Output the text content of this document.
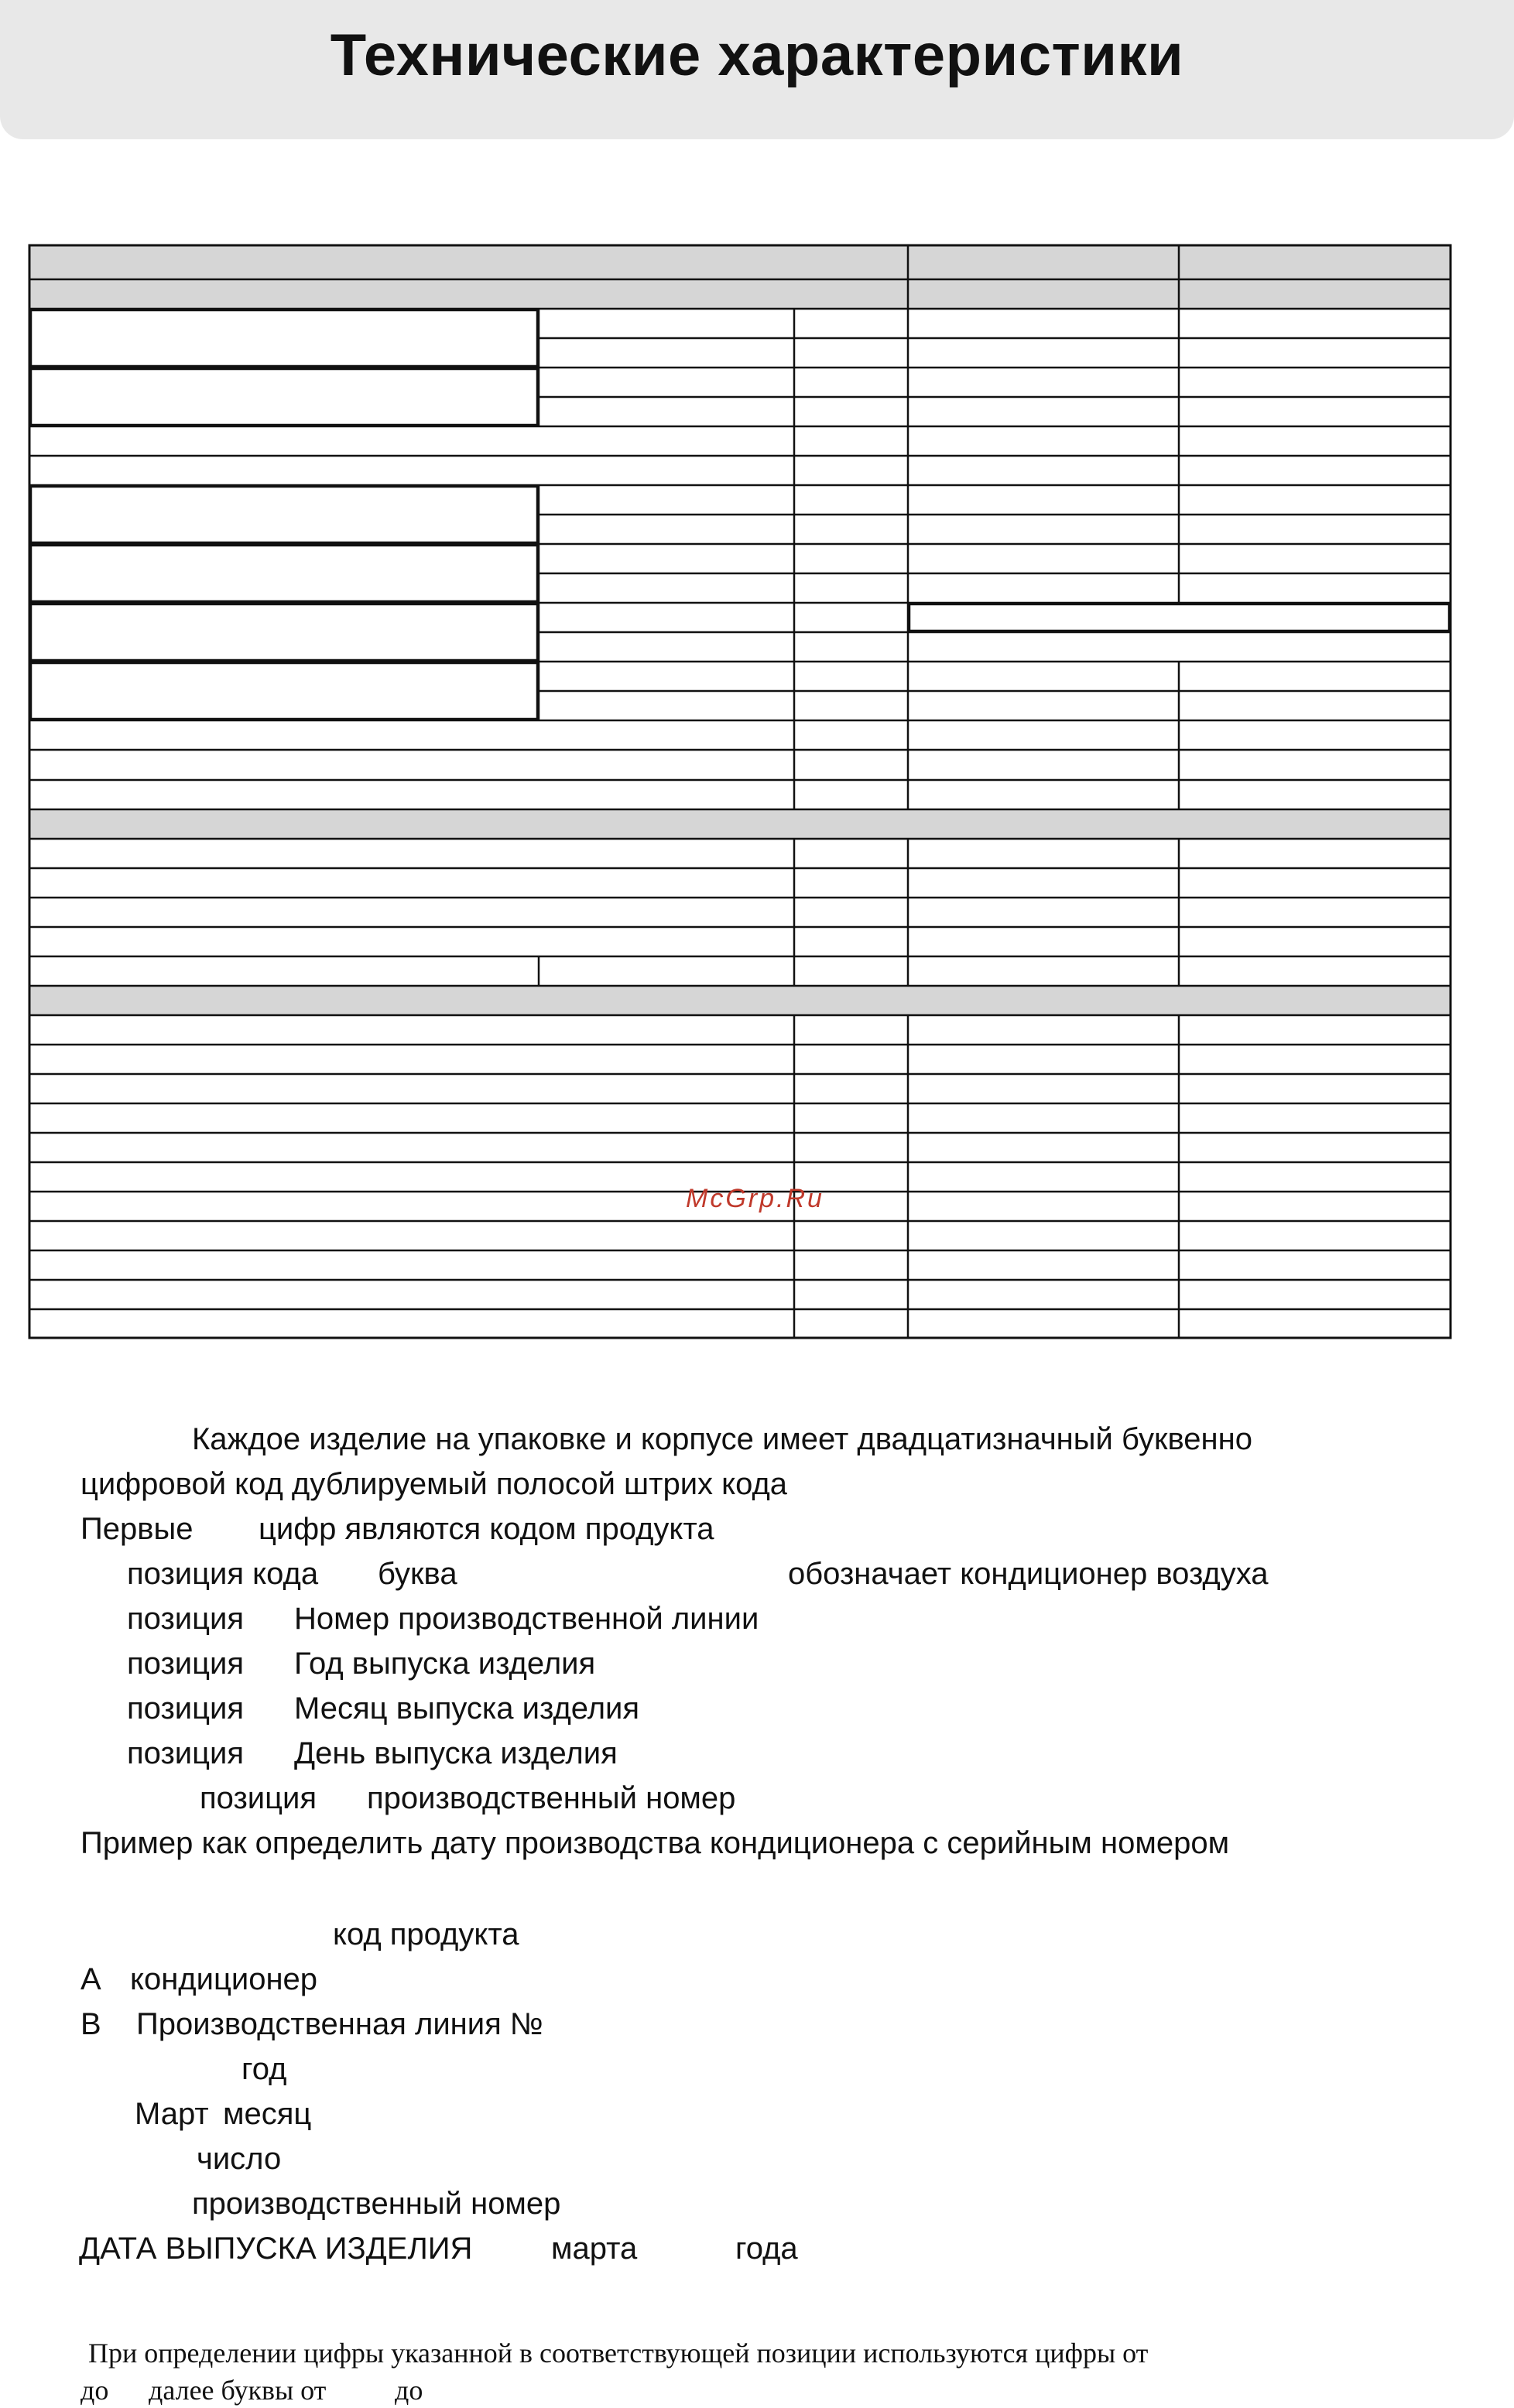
Технические характеристики
McGrp.Ru
Каждое изделие на упаковке и корпусе имеет двадцатизначный буквенно
цифровой код дублируемый полосой штрих кода
Первые цифр являются кодом продукта
позиция кода буква	обозначает кондиционер воздуха
позиция Номер производственной линии
позиция Год выпуска изделия
позиция Месяц выпуска изделия
позиция День выпуска изделия
позиция производственный номер
Пример как определить дату производства кондиционера с серийным номером
код продукта
А кондиционер
В Производственная линия №
год
Март месяц
число
производственный номер
ДАТА ВЫПУСКА ИЗДЕЛИЯ	марта	года
При определении цифры указанной в соответствующей позиции используются цифры от
до далее буквы от до
